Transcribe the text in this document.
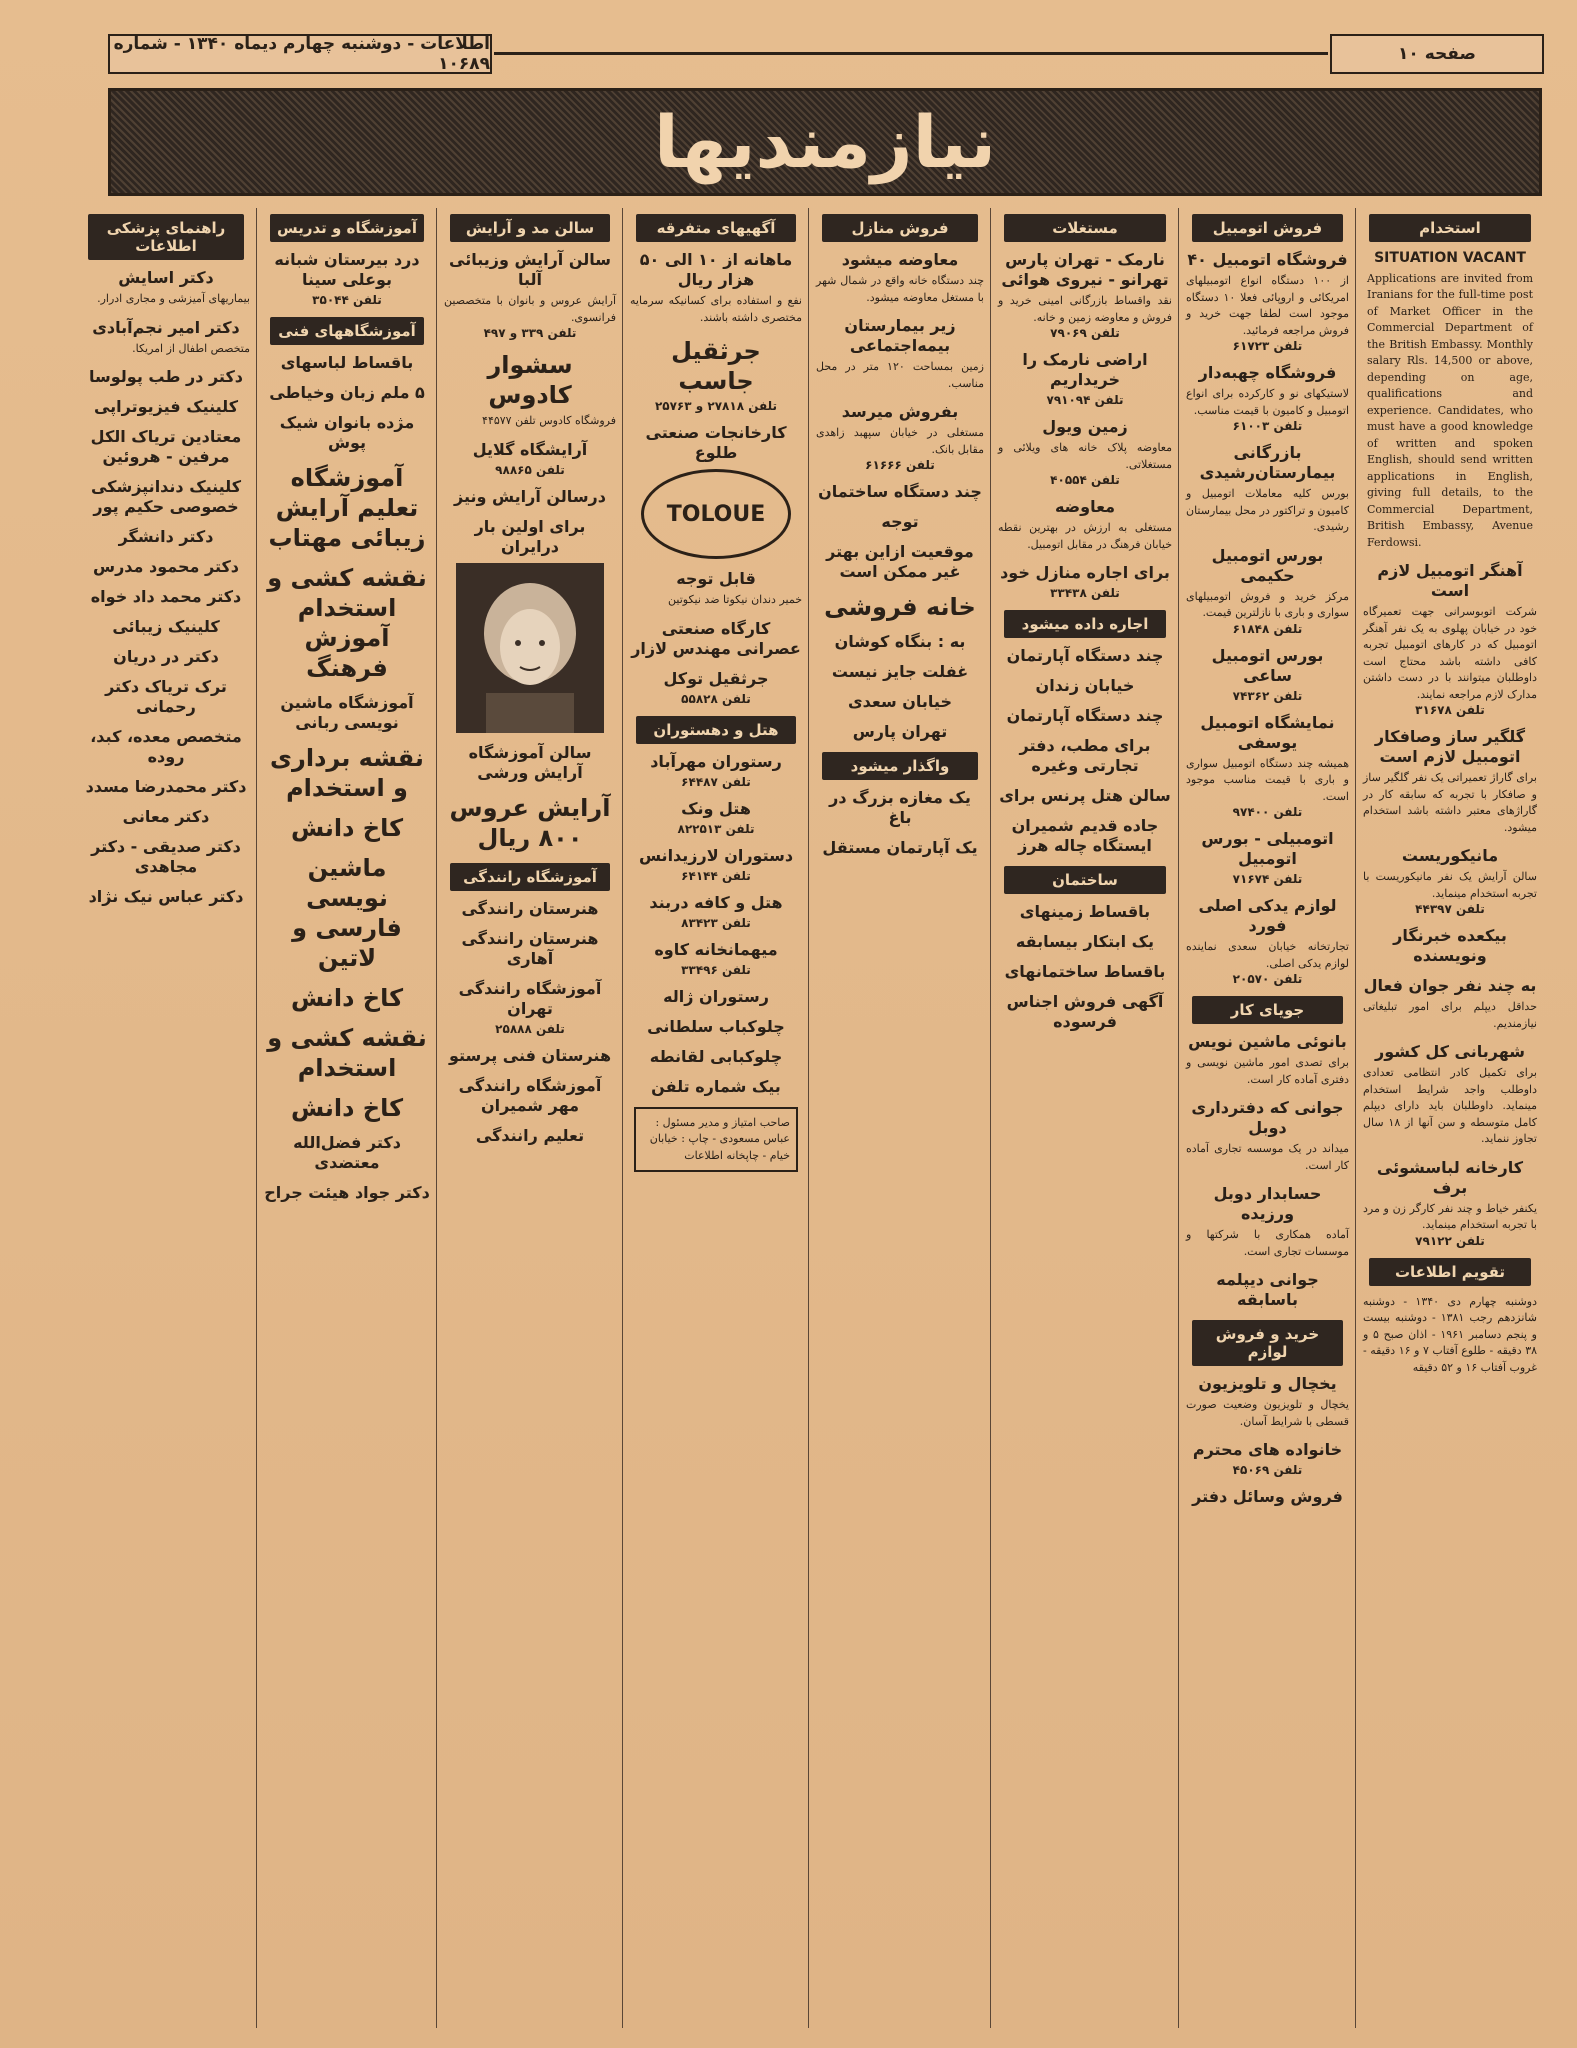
اطلاعات - دوشنبه چهارم دیماه ۱۳۴۰ - شماره ۱۰۶۸۹	صفحه ۱۰
نیازمندیها
استخدام
SITUATION VACANT

Applications are invited from Iranians for the full-time post of Market Officer in the Commercial Department of the British Embassy. Monthly salary Rls. 14,500 or above, depending on age, qualifications and experience. Candidates, who must have a good knowledge of written and spoken English, should send written applications in English, giving full details, to the Commercial Department, British Embassy, Avenue Ferdowsi.

آهنگر اتومبیل لازم است

شرکت اتوبوسرانی جهت تعمیرگاه خود در خیابان پهلوی به یک نفر آهنگر اتومبیل که در کارهای اتومبیل تجربه کافی داشته باشد محتاج است داوطلبان میتوانند با در دست داشتن مدارک لازم مراجعه نمایند.

تلفن ۳۱۶۷۸
گلگیر ساز وصافکار اتومبیل لازم است

برای گاراژ تعمیراتی یک نفر گلگیر ساز و صافکار با تجربه که سابقه کار در گاراژهای معتبر داشته باشد استخدام میشود.

مانیکوریست

سالن آرایش یک نفر مانیکوریست با تجربه استخدام مینماید.

تلفن ۴۴۳۹۷
بیکعده خبرنگار ونویسنده
به چند نفر جوان فعال

حداقل دیپلم برای امور تبلیغاتی نیازمندیم.

شهربانی کل کشور

برای تکمیل کادر انتظامی تعدادی داوطلب واجد شرایط استخدام مینماید. داوطلبان باید دارای دیپلم کامل متوسطه و سن آنها از ۱۸ سال تجاوز ننماید.

کارخانه لباسشوئی برف

یکنفر خیاط و چند نفر کارگر زن و مرد با تجربه استخدام مینماید.

تلفن ۷۹۱۲۲
تقویم اطلاعات

دوشنبه چهارم دی ۱۳۴۰ - دوشنبه شانزدهم رجب ۱۳۸۱ - دوشنبه بیست و پنجم دسامبر ۱۹۶۱ - اذان صبح ۵ و ۳۸ دقیقه - طلوع آفتاب ۷ و ۱۶ دقیقه - غروب آفتاب ۱۶ و ۵۲ دقیقه

فروش اتومبیل
فروشگاه اتومبیل ۴۰

از ۱۰۰ دستگاه انواع اتومبیلهای امریکائی و اروپائی فعلا ۱۰ دستگاه موجود است لطفا جهت خرید و فروش مراجعه فرمائید.

تلفن ۶۱۷۲۳
فروشگاه چهبه‌دار

لاستیکهای نو و کارکرده برای انواع اتومبیل و کامیون با قیمت مناسب.

تلفن ۶۱۰۰۳
بازرگانی بیمارستان‌رشیدی

بورس کلیه معاملات اتومبیل و کامیون و تراکتور در محل بیمارستان رشیدی.

بورس اتومبیل حکیمی

مرکز خرید و فروش اتومبیلهای سواری و باری با نازلترین قیمت.

تلفن ۶۱۸۴۸
بورس اتومبیل ساعی
تلفن ۷۴۳۶۲
نمایشگاه اتومبیل یوسفی

همیشه چند دستگاه اتومبیل سواری و باری با قیمت مناسب موجود است.

تلفن ۹۷۴۰۰
اتومبیلی - بورس اتومبیل
تلفن ۷۱۶۷۴
لوازم یدکی اصلی فورد

تجارتخانه خیابان سعدی نماینده لوازم یدکی اصلی.

تلفن ۲۰۵۷۰
جویای کار
بانوئی ماشین نویس

برای تصدی امور ماشین نویسی و دفتری آماده کار است.

جوانی که دفترداری دوبل

میداند در یک موسسه تجاری آماده کار است.

حسابدار دوبل ورزیده

آماده همکاری با شرکتها و موسسات تجاری است.

جوانی دیپلمه باسابقه
خرید و فروش لوازم
یخچال و تلویزیون

یخچال و تلویزیون وضعیت صورت قسطی با شرایط آسان.

خانواده های محترم
تلفن ۴۵۰۶۹
فروش وسائل دفتر
مستغلات
نارمک - تهران پارس تهرانو - نیروی هوائی

نقد واقساط بازرگانی امینی خرید و فروش و معاوضه زمین و خانه.

تلفن ۷۹۰۶۹
اراضی نارمک را خریداریم
تلفن ۷۹۱۰۹۴
زمین ویول

معاوضه پلاک خانه های ویلائی و مستغلاتی.

تلفن ۴۰۵۵۴
معاوضه

مستغلی به ارزش در بهترین نقطه خیابان فرهنگ در مقابل اتومبیل.

برای اجاره منازل خود
تلفن ۳۳۴۳۸
اجاره داده میشود
چند دستگاه آپارتمان
خیابان زندان
چند دستگاه آپارتمان
برای مطب، دفتر تجارتی وغیره
سالن هتل پرنس برای
جاده قدیم شمیران ایستگاه چاله هرز
ساختمان
باقساط زمینهای
یک ابتکار بیسابقه
باقساط ساختمانهای
آگهی فروش اجناس فرسوده
فروش منازل
معاوضه میشود

چند دستگاه خانه واقع در شمال شهر با مستغل معاوضه میشود.

زیر بیمارستان بیمه‌اجتماعی

زمین بمساحت ۱۲۰ متر در محل مناسب.

بفروش میرسد

مستغلی در خیابان سپهبد زاهدی مقابل بانک.

تلفن ۶۱۶۶۶
چند دستگاه ساختمان
توجه
موقعیت ازاین بهتر غیر ممکن است
خانه فروشی
به : بنگاه کوشان
غفلت جایز نیست
خیابان سعدی
تهران پارس
واگذار میشود
یک مغازه بزرگ در باغ
یک آپارتمان مستقل
آگهیهای متفرقه
ماهانه از ۱۰ الی ۵۰ هزار ریال

نفع و استفاده برای کسانیکه سرمایه مختصری داشته باشند.

جرثقیل جاسب
تلفن ۲۷۸۱۸ و ۲۵۷۶۳
کارخانجات صنعتی طلوع
TOLOUE
قابل توجه

خمیر دندان نیکوتا ضد نیکوتین

کارگاه صنعتی عصرانی مهندس لازار
جرثقیل توکل
تلفن ۵۵۸۲۸
هتل و دهستوران
رستوران مهرآباد
تلفن ۶۴۴۸۷
هتل ونک
تلفن ۸۲۲۵۱۳
دستوران لارزیدانس
تلفن ۶۴۱۴۴
هتل و کافه دربند
تلفن ۸۳۴۲۳
میهمانخانه کاوه
تلفن ۳۳۴۹۶
رستوران ژاله
چلوکباب سلطانی
چلوکبابی لقانطه
بیک شماره تلفن
صاحب امتیاز و مدیر مسئول : عباس مسعودی - چاپ : خیابان خیام - چاپخانه اطلاعات
سالن مد و آرایش
سالن آرایش وزیبائی آلبا

آرایش عروس و بانوان با متخصصین فرانسوی.

تلفن ۳۳۹ و ۴۹۷
سشوار کادوس

فروشگاه کادوس تلفن ۴۴۵۷۷

آرایشگاه گلایل
تلفن ۹۸۸۶۵
درسالن آرایش ونیز
برای اولین بار درایران
سالن آموزشگاه آرایش ورشی
آرایش عروس ۸۰۰ ریال
آموزشگاه رانندگی
هنرستان رانندگی
هنرستان رانندگی آهاری
آموزشگاه رانندگی تهران
تلفن ۲۵۸۸۸
هنرستان فنی پرستو
آموزشگاه رانندگی مهر شمیران
تعلیم رانندگی
آموزشگاه و تدریس
درد بیرستان شبانه بوعلی سینا
تلفن ۳۵۰۴۴
آموزشگاههای فنی
باقساط لباسهای
۵ ملم زبان وخیاطی
مژده بانوان شیک پوش
آموزشگاه تعلیم آرایش زیبائی مهتاب
نقشه کشی و استخدام آموزش فرهنگ
آموزشگاه ماشین نویسی ربانی
نقشه برداری و استخدام
کاخ دانش
ماشین نویسی فارسی و لاتین
کاخ دانش
نقشه کشی و استخدام
کاخ دانش
دکتر فضل‌الله معتضدی
دکتر جواد هیئت جراح
راهنمای پزشکی اطلاعات
دکتر اسایش

بیماریهای آمیزشی و مجاری ادرار.

دکتر امیر نجم‌آبادی

متخصص اطفال از امریکا.

دکتر در طب پولوسا
کلینیک فیزیوتراپی
معتادین تریاک الکل مرفین - هروئین
کلینیک دندانپزشکی خصوصی حکیم پور
دکتر دانشگر
دکتر محمود مدرس
دکتر محمد داد خواه
کلینیک زیبائی
دکتر در دریان
ترک تریاک دکتر رحمانی
متخصص معده، کبد، روده
دکتر محمدرضا مسدد
دکتر معانی
دکتر صدیقی - دکتر مجاهدی
دکتر عباس نیک نژاد
